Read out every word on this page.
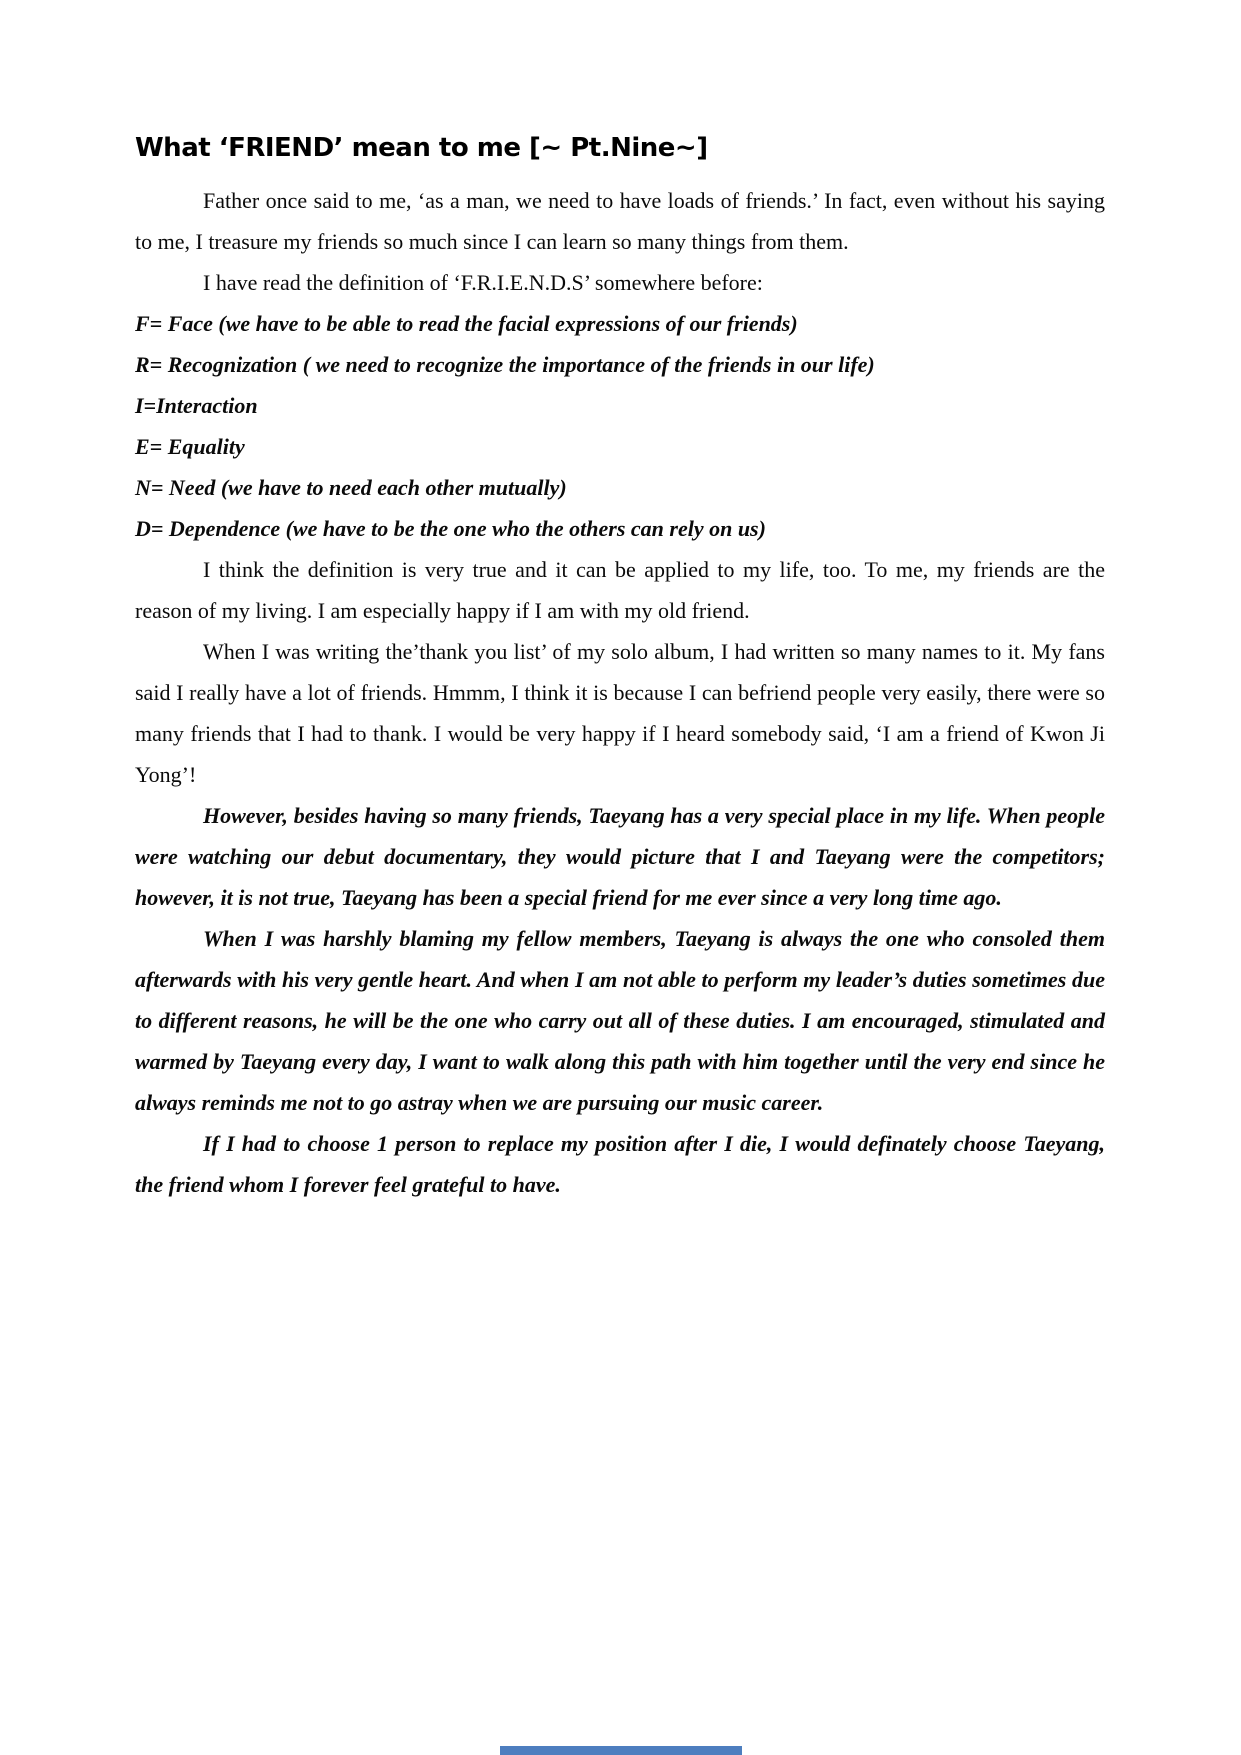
What ‘FRIEND’ mean to me [~ Pt.Nine~]

Father once said to me, ‘as a man, we need to have loads of friends.’ In fact, even without his saying to me, I treasure my friends so much since I can learn so many things from them.

I have read the definition of ‘F.R.I.E.N.D.S’ somewhere before:

F= Face (we have to be able to read the facial expressions of our friends)

R= Recognization ( we need to recognize the importance of the friends in our life)

I=Interaction

E= Equality

N= Need (we have to need each other mutually)

D= Dependence (we have to be the one who the others can rely on us)

I think the definition is very true and it can be applied to my life, too. To me, my friends are the reason of my living. I am especially happy if I am with my old friend.

When I was writing the’thank you list’ of my solo album, I had written so many names to it. My fans said I really have a lot of friends. Hmmm, I think it is because I can befriend people very easily, there were so many friends that I had to thank. I would be very happy if I heard somebody said, ‘I am a friend of Kwon Ji Yong’!

However, besides having so many friends, Taeyang has a very special place in my life. When people were watching our debut documentary, they would picture that I and Taeyang were the competitors; however, it is not true, Taeyang has been a special friend for me ever since a very long time ago.

When I was harshly blaming my fellow members, Taeyang is always the one who consoled them afterwards with his very gentle heart. And when I am not able to perform my leader’s duties sometimes due to different reasons, he will be the one who carry out all of these duties. I am encouraged, stimulated and warmed by Taeyang every day, I want to walk along this path with him together until the very end since he always reminds me not to go astray when we are pursuing our music career.

If I had to choose 1 person to replace my position after I die, I would definately choose Taeyang, the friend whom I forever feel grateful to have.
